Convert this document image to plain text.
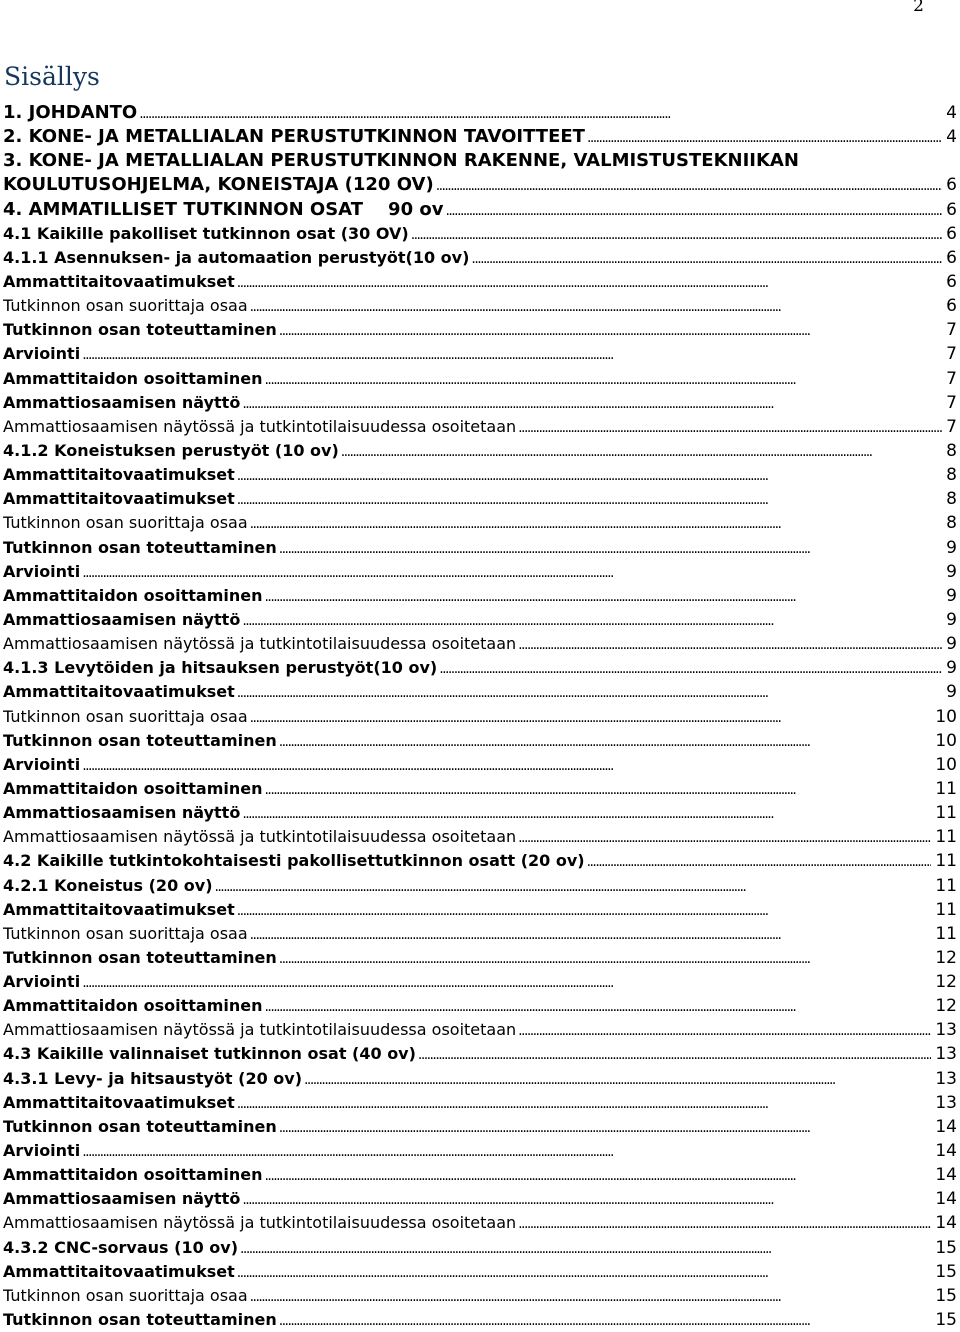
2
Sisällys
1. JOHDANTO . . .	4
2. KONE- JA METALLIALAN PERUSTUTKINNON TAVOITTEET . . .	4
3. KONE- JA METALLIALAN PERUSTUTKINNON RAKENNE, VALMISTUSTEKNIIKAN
KOULUTUSOHJELMA, KONEISTAJA (120 OV) . . .	6
4. AMMATILLISET TUTKINNON OSAT    90 ov . . .	6
4.1 Kaikille pakolliset tutkinnon osat (30 OV) . . .	6
4.1.1 Asennuksen- ja automaation perustyöt(10 ov) . . .	6
Ammattitaitovaatimukset . . .	6
Tutkinnon osan suorittaja osaa . . .	6
Tutkinnon osan toteuttaminen . . .	7
Arviointi . . .	7
Ammattitaidon osoittaminen . . .	7
Ammattiosaamisen näyttö . . .	7
Ammattiosaamisen näytössä ja tutkintotilaisuudessa osoitetaan . . .	7
4.1.2 Koneistuksen perustyöt (10 ov) . . .	8
Ammattitaitovaatimukset . . .	8
Ammattitaitovaatimukset . . .	8
Tutkinnon osan suorittaja osaa . . .	8
Tutkinnon osan toteuttaminen . . .	9
Arviointi . . .	9
Ammattitaidon osoittaminen . . .	9
Ammattiosaamisen näyttö . . .	9
Ammattiosaamisen näytössä ja tutkintotilaisuudessa osoitetaan . . .	9
4.1.3 Levytöiden ja hitsauksen perustyöt(10 ov) . . .	9
Ammattitaitovaatimukset . . .	9
Tutkinnon osan suorittaja osaa . . .	10
Tutkinnon osan toteuttaminen . . .	10
Arviointi . . .	10
Ammattitaidon osoittaminen . . .	11
Ammattiosaamisen näyttö . . .	11
Ammattiosaamisen näytössä ja tutkintotilaisuudessa osoitetaan . . .	11
4.2 Kaikille tutkintokohtaisesti pakollisettutkinnon osatt (20 ov) . . .	11
4.2.1 Koneistus (20 ov) . . .	11
Ammattitaitovaatimukset . . .	11
Tutkinnon osan suorittaja osaa . . .	11
Tutkinnon osan toteuttaminen . . .	12
Arviointi . . .	12
Ammattitaidon osoittaminen . . .	12
Ammattiosaamisen näytössä ja tutkintotilaisuudessa osoitetaan . . .	13
4.3 Kaikille valinnaiset tutkinnon osat (40 ov) . . .	13
4.3.1 Levy- ja hitsaustyöt (20 ov) . . .	13
Ammattitaitovaatimukset . . .	13
Tutkinnon osan toteuttaminen . . .	14
Arviointi . . .	14
Ammattitaidon osoittaminen . . .	14
Ammattiosaamisen näyttö . . .	14
Ammattiosaamisen näytössä ja tutkintotilaisuudessa osoitetaan . . .	14
4.3.2 CNC-sorvaus (10 ov) . . .	15
Ammattitaitovaatimukset . . .	15
Tutkinnon osan suorittaja osaa . . .	15
Tutkinnon osan toteuttaminen . . .	15
